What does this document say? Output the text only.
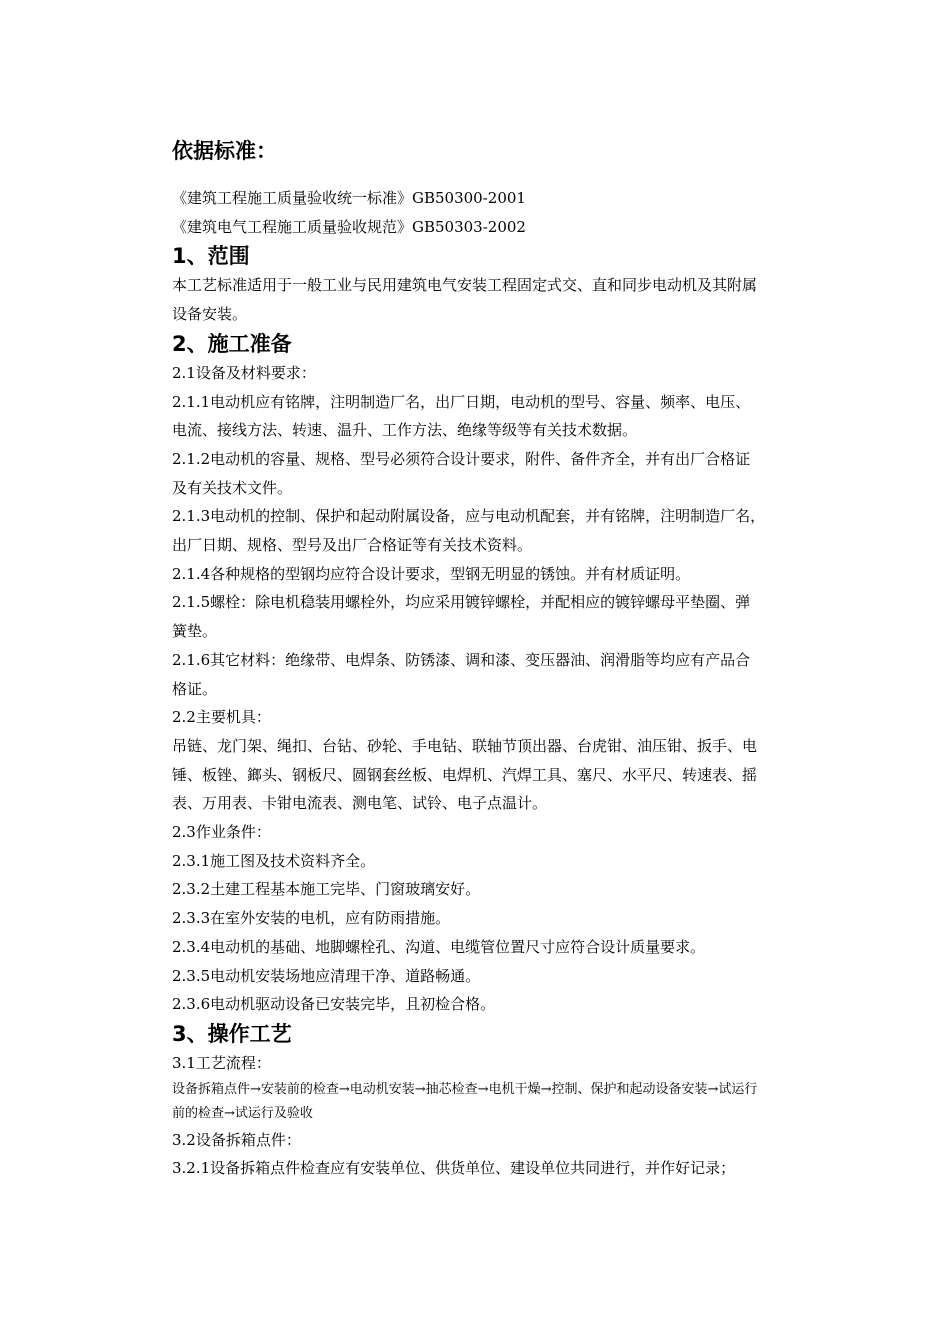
依据标准：
《建筑工程施工质量验收统一标准》GB50300-2001
《建筑电气工程施工质量验收规范》GB50303-2002
1、范围
本工艺标准适用于一般工业与民用建筑电气安装工程固定式交、直和同步电动机及其附属
设备安装。
2、施工准备
2.1设备及材料要求：
2.1.1电动机应有铭牌，注明制造厂名，出厂日期，电动机的型号、容量、频率、电压、
电流、接线方法、转速、温升、工作方法、绝缘等级等有关技术数据。
2.1.2电动机的容量、规格、型号必须符合设计要求，附件、备件齐全，并有出厂合格证
及有关技术文件。
2.1.3电动机的控制、保护和起动附属设备，应与电动机配套，并有铭牌，注明制造厂名，
出厂日期、规格、型号及出厂合格证等有关技术资料。
2.1.4各种规格的型钢均应符合设计要求，型钢无明显的锈蚀。并有材质证明。
2.1.5螺栓：除电机稳装用螺栓外，均应采用镀锌螺栓，并配相应的镀锌螺母平垫圈、弹
簧垫。
2.1.6其它材料：绝缘带、电焊条、防锈漆、调和漆、变压器油、润滑脂等均应有产品合
格证。
2.2主要机具：
吊链、龙门架、绳扣、台钻、砂轮、手电钻、联轴节顶出器、台虎钳、油压钳、扳手、电
锤、板锉、鎯头、钢板尺、圆钢套丝板、电焊机、汽焊工具、塞尺、水平尺、转速表、摇
表、万用表、卡钳电流表、测电笔、试铃、电子点温计。
2.3作业条件：
2.3.1施工图及技术资料齐全。
2.3.2土建工程基本施工完毕、门窗玻璃安好。
2.3.3在室外安装的电机，应有防雨措施。
2.3.4电动机的基础、地脚螺栓孔、沟道、电缆管位置尺寸应符合设计质量要求。
2.3.5电动机安装场地应清理干净、道路畅通。
2.3.6电动机驱动设备已安装完毕，且初检合格。
3、操作工艺
3.1工艺流程：
设备拆箱点件→安装前的检查→电动机安装→抽芯检查→电机干燥→控制、保护和起动设备安装→试运行
前的检查→试运行及验收
3.2设备拆箱点件：
3.2.1设备拆箱点件检查应有安装单位、供货单位、建设单位共同进行，并作好记录；
